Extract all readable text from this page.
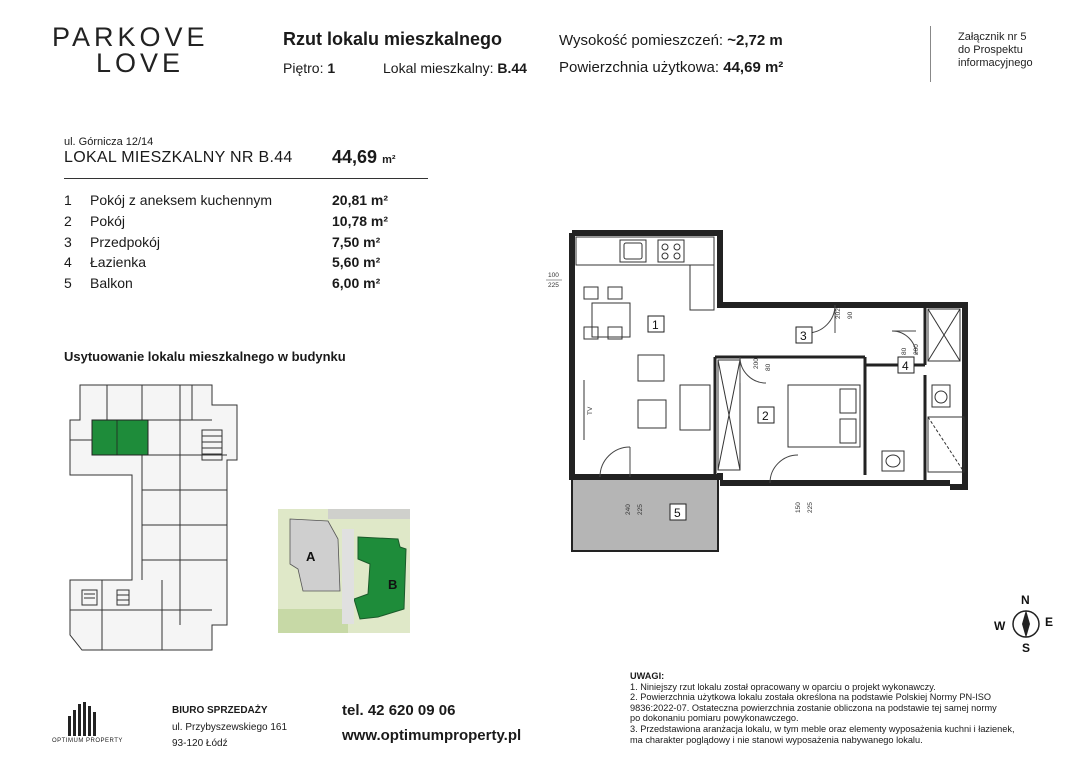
PARKOVE
LOVE
Rzut lokalu mieszkalnego
Piętro: 1	Lokal mieszkalny: B.44
Wysokość pomieszczeń: ~2,72 m
Powierzchnia użytkowa: 44,69 m²
Załącznik nr 5
do Prospektu
informacyjnego
ul. Górnicza 12/14
LOKAL MIESZKALNY NR B.44 44,69 m²
1 Pokój z aneksem kuchennym	20,81 m²
2 Pokój	10,78 m²
3 Przedpokój	7,50 m²
4 Łazienka	5,60 m²
5 Balkon	6,00 m²
Usytuowanie lokalu mieszkalnego w budynku
A
B
1
2
3
4
5
100
225
90
202
80 200
200 80
240 225	150 225
TV
N
E
S
W
OPTIMUM PROPERTY
BIURO SPRZEDAŻY
ul. Przybyszewskiego 161
93-120 Łódź
tel. 42 620 09 06
www.optimumproperty.pl
UWAGI:
1. Niniejszy rzut lokalu został opracowany w oparciu o projekt wykonawczy.
2. Powierzchnia użytkowa lokalu została określona na podstawie Polskiej Normy PN-ISO
9836:2022-07. Ostateczna powierzchnia zostanie obliczona na podstawie tej samej normy
po dokonaniu pomiaru powykonawczego.
3. Przedstawiona aranżacja lokalu, w tym meble oraz elementy wyposażenia kuchni i łazienek,
ma charakter poglądowy i nie stanowi wyposażenia nabywanego lokalu.
